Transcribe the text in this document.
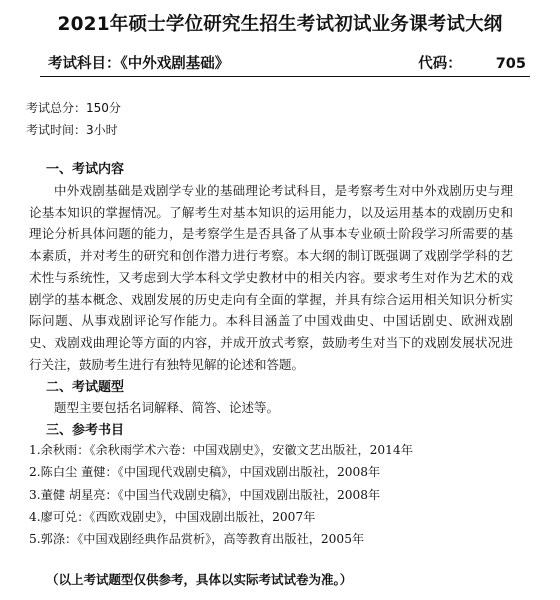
2021年硕士学位研究生招生考试初试业务课考试大纲
考试科目：《中外戏剧基础》	代码： 705
考试总分：150分
考试时间：3小时
一、考试内容
中外戏剧基础是戏剧学专业的基础理论考试科目，是考察考生对中外戏剧历史与理论基本知识的掌握情况。了解考生对基本知识的运用能力，以及运用基本的戏剧历史和理论分析具体问题的能力，是考察学生是否具备了从事本专业硕士阶段学习所需要的基本素质，并对考生的研究和创作潜力进行考察。本大纲的制订既强调了戏剧学学科的艺术性与系统性，又考虑到大学本科文学史教材中的相关内容。要求考生对作为艺术的戏剧学的基本概念、戏剧发展的历史走向有全面的掌握，并具有综合运用相关知识分析实际问题、从事戏剧评论写作能力。本科目涵盖了中国戏曲史、中国话剧史、欧洲戏剧史、戏剧戏曲理论等方面的内容，并成开放式考察，鼓励考生对当下的戏剧发展状况进行关注，鼓励考生进行有独特见解的论述和答题。
二、考试题型
题型主要包括名词解释、简答、论述等。
三、参考书目
1.余秋雨：《余秋雨学术六卷：中国戏剧史》，安徽文艺出版社，2014年
2.陈白尘 董健：《中国现代戏剧史稿》，中国戏剧出版社，2008年
3.董健 胡星亮：《中国当代戏剧史稿》，中国戏剧出版社，2008年
4.廖可兑：《西欧戏剧史》，中国戏剧出版社，2007年
5.郭涤：《中国戏剧经典作品赏析》，高等教育出版社，2005年
（以上考试题型仅供参考，具体以实际考试试卷为准。）
